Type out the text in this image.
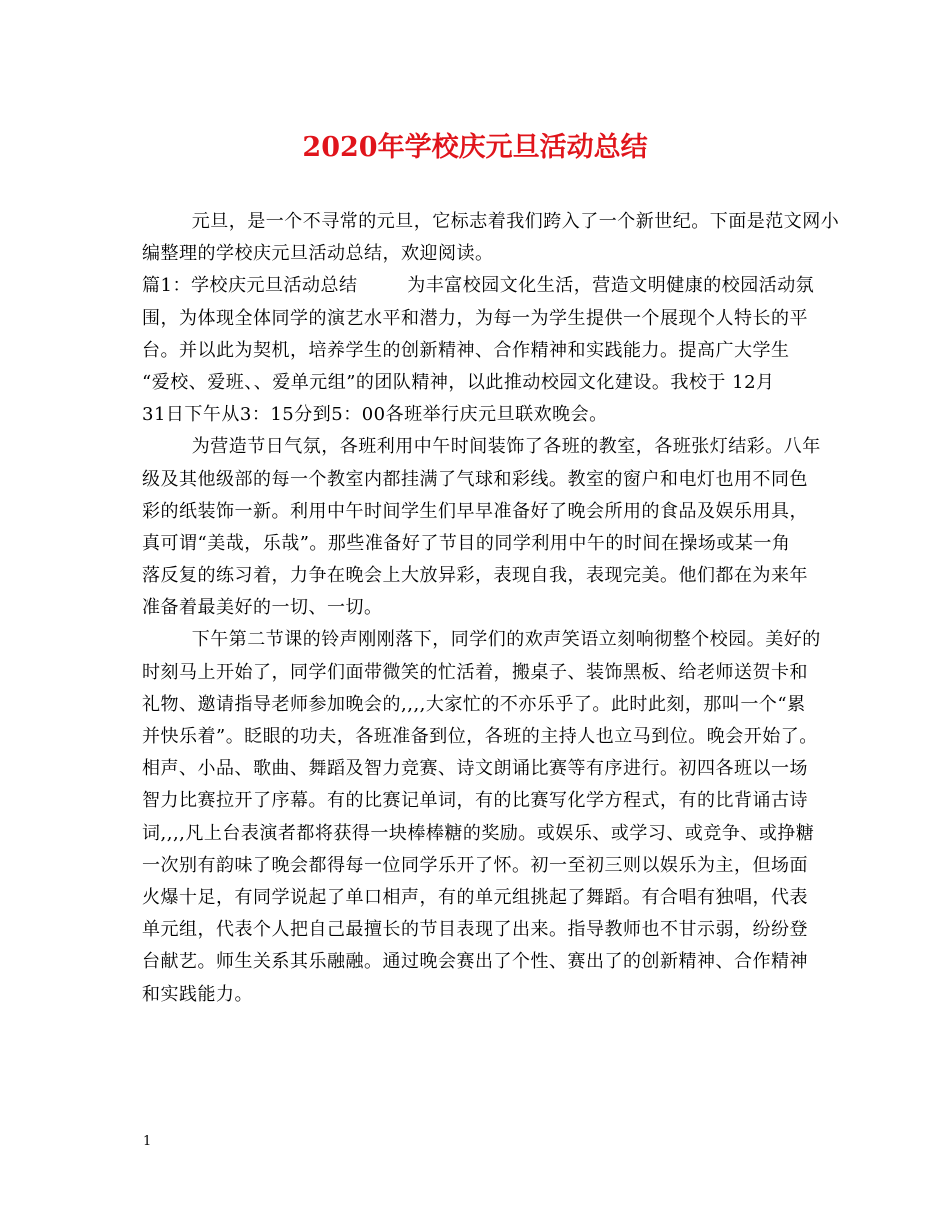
2020年学校庆元旦活动总结
元旦，是一个不寻常的元旦，它标志着我们跨入了一个新世纪。下面是范文网小
编整理的学校庆元旦活动总结，欢迎阅读。
篇1：学校庆元旦活动总结        为丰富校园文化生活，营造文明健康的校园活动氛
围，为体现全体同学的演艺水平和潜力，为每一为学生提供一个展现个人特长的平
台。并以此为契机，培养学生的创新精神、合作精神和实践能力。提高广大学生
“爱校、爱班、、爱单元组”的团队精神，以此推动校园文化建设。我校于 12月
31日下午从3：15分到5：00各班举行庆元旦联欢晚会。
为营造节日气氛，各班利用中午时间装饰了各班的教室，各班张灯结彩。八年
级及其他级部的每一个教室内都挂满了气球和彩线。教室的窗户和电灯也用不同色
彩的纸装饰一新。利用中午时间学生们早早准备好了晚会所用的食品及娱乐用具，
真可谓“美哉，乐哉”。那些准备好了节目的同学利用中午的时间在操场或某一角
落反复的练习着，力争在晚会上大放异彩，表现自我，表现完美。他们都在为来年
准备着最美好的一切、一切。
下午第二节课的铃声刚刚落下，同学们的欢声笑语立刻响彻整个校园。美好的
时刻马上开始了，同学们面带微笑的忙活着，搬桌子、装饰黑板、给老师送贺卡和
礼物、邀请指导老师参加晚会的,,,,大家忙的不亦乐乎了。此时此刻，那叫一个“累
并快乐着”。眨眼的功夫，各班准备到位，各班的主持人也立马到位。晚会开始了。
相声、小品、歌曲、舞蹈及智力竞赛、诗文朗诵比赛等有序进行。初四各班以一场
智力比赛拉开了序幕。有的比赛记单词，有的比赛写化学方程式，有的比背诵古诗
词,,,,凡上台表演者都将获得一块棒棒糖的奖励。或娱乐、或学习、或竞争、或挣糖
一次别有韵味了晚会都得每一位同学乐开了怀。初一至初三则以娱乐为主，但场面
火爆十足，有同学说起了单口相声，有的单元组挑起了舞蹈。有合唱有独唱，代表
单元组，代表个人把自己最擅长的节目表现了出来。指导教师也不甘示弱，纷纷登
台献艺。师生关系其乐融融。通过晚会赛出了个性、赛出了的创新精神、合作精神
和实践能力。
1
